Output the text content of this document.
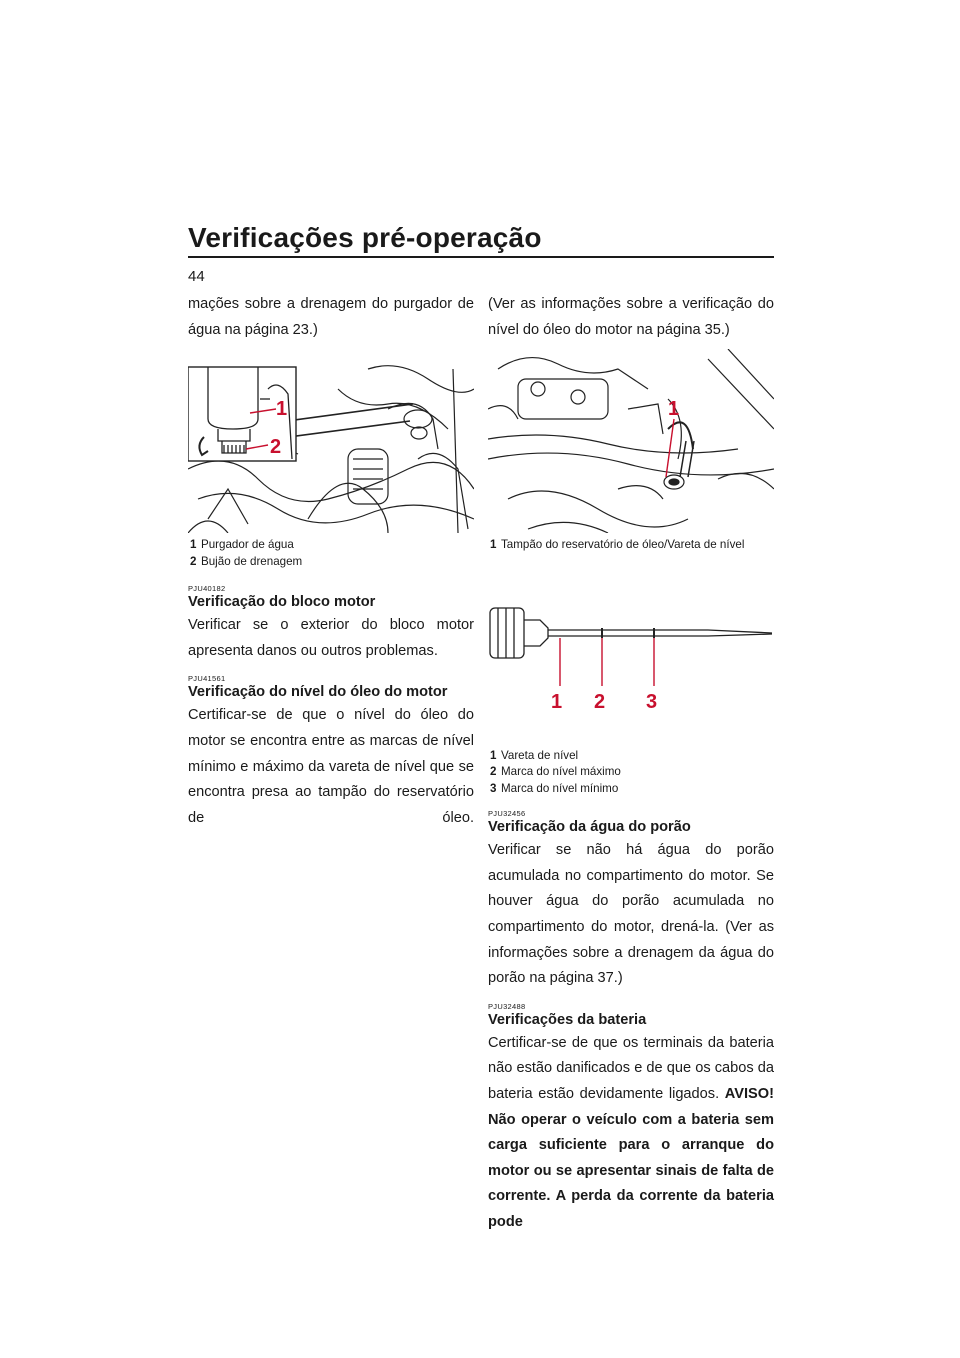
Verificações pré-operação
44

mações sobre a drenagem do purgador de água na página 23.)

1
2
1 Purgador de água
2 Bujão de drenagem
PJU40182
Verificação do bloco motor

Verificar se o exterior do bloco motor apresenta danos ou outros problemas.

PJU41561
Verificação do nível do óleo do motor

Certificar-se de que o nível do óleo do motor se encontra entre as marcas de nível mínimo e máximo da vareta de nível que se encontra presa ao tampão do reservatório de óleo.

(Ver as informações sobre a verificação do nível do óleo do motor na página 35.)

1
1 Tampão do reservatório de óleo/Vareta de nível
1 2 3
1 Vareta de nível
2 Marca do nível máximo
3 Marca do nível mínimo
PJU32456
Verificação da água do porão

Verificar se não há água do porão acumulada no compartimento do motor. Se houver água do porão acumulada no compartimento do motor, drená-la. (Ver as informações sobre a drenagem da água do porão na página 37.)

PJU32488
Verificações da bateria

Certificar-se de que os terminais da bateria não estão danificados e de que os cabos da bateria estão devidamente ligados. AVISO! Não operar o veículo com a bateria sem carga suficiente para o arranque do motor ou se apresentar sinais de falta de corrente. A perda da corrente da bateria pode
